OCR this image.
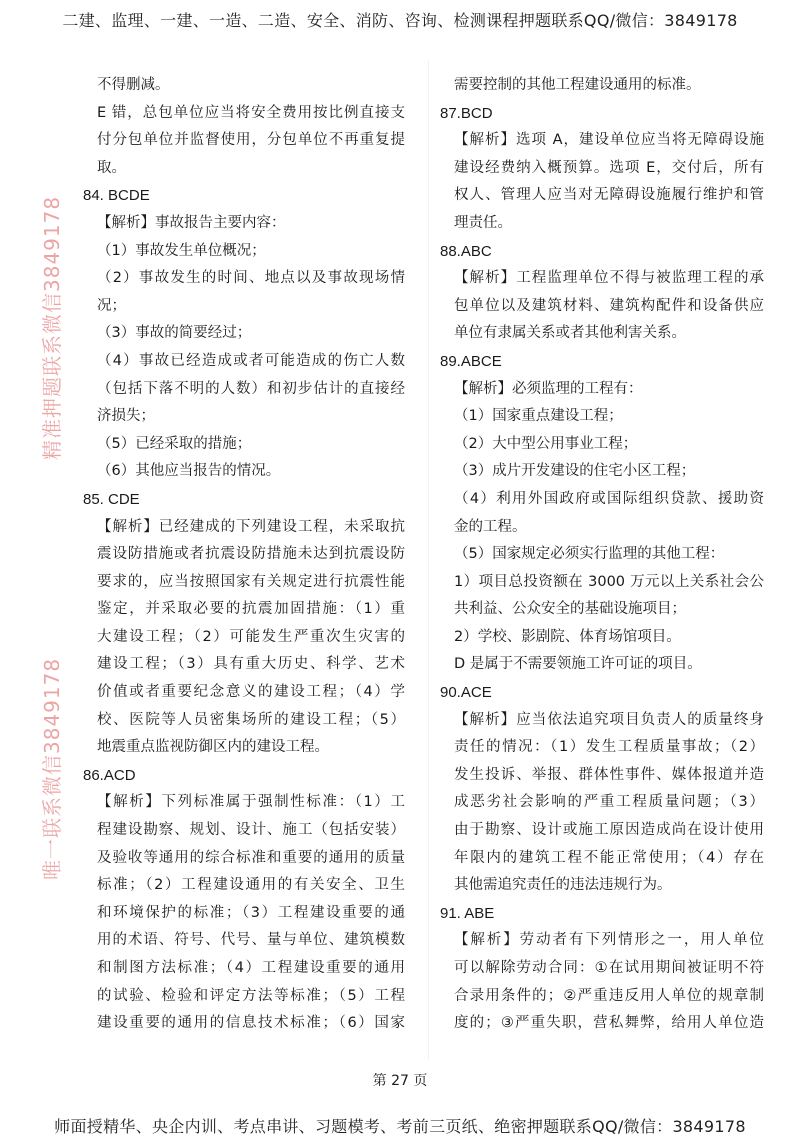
二建、监理、一建、一造、二造、安全、消防、咨询、检测课程押题联系QQ/微信：3849178
不得删减。
E 错，总包单位应当将安全费用按比例直接支
付分包单位并监督使用，分包单位不再重复提
取。
84. BCDE
【解析】事故报告主要内容：
（1）事故发生单位概况；
（2）事故发生的时间、地点以及事故现场情
况；
（3）事故的简要经过；
（4）事故已经造成或者可能造成的伤亡人数
（包括下落不明的人数）和初步估计的直接经
济损失；
（5）已经采取的措施；
（6）其他应当报告的情况。
85. CDE
【解析】已经建成的下列建设工程，未采取抗
震设防措施或者抗震设防措施未达到抗震设防
要求的，应当按照国家有关规定进行抗震性能
鉴定，并采取必要的抗震加固措施：（1）重
大建设工程；（2）可能发生严重次生灾害的
建设工程；（3）具有重大历史、科学、艺术
价值或者重要纪念意义的建设工程；（4）学
校、医院等人员密集场所的建设工程；（5）
地震重点监视防御区内的建设工程。
86.ACD
【解析】下列标准属于强制性标准：（1）工
程建设勘察、规划、设计、施工（包括安装）
及验收等通用的综合标准和重要的通用的质量
标准；（2）工程建设通用的有关安全、卫生
和环境保护的标准；（3）工程建设重要的通
用的术语、符号、代号、量与单位、建筑模数
和制图方法标准；（4）工程建设重要的通用
的试验、检验和评定方法等标准；（5）工程
建设重要的通用的信息技术标准；（6）国家
需要控制的其他工程建设通用的标准。
87.BCD
【解析】选项 A，建设单位应当将无障碍设施
建设经费纳入概预算。选项 E，交付后，所有
权人、管理人应当对无障碍设施履行维护和管
理责任。
88.ABC
【解析】工程监理单位不得与被监理工程的承
包单位以及建筑材料、建筑构配件和设备供应
单位有隶属关系或者其他利害关系。
89.ABCE
【解析】必须监理的工程有：
（1）国家重点建设工程；
（2）大中型公用事业工程；
（3）成片开发建设的住宅小区工程；
（4）利用外国政府或国际组织贷款、援助资
金的工程。
（5）国家规定必须实行监理的其他工程：
1）项目总投资额在 3000 万元以上关系社会公
共利益、公众安全的基础设施项目；
2）学校、影剧院、体育场馆项目。
D 是属于不需要领施工许可证的项目。
90.ACE
【解析】应当依法追究项目负责人的质量终身
责任的情况：（1）发生工程质量事故；（2）
发生投诉、举报、群体性事件、媒体报道并造
成恶劣社会影响的严重工程质量问题；（3）
由于勘察、设计或施工原因造成尚在设计使用
年限内的建筑工程不能正常使用；（4）存在
其他需追究责任的违法违规行为。
91. ABE
【解析】劳动者有下列情形之一，用人单位
可以解除劳动合同：①在试用期间被证明不符
合录用条件的；②严重违反用人单位的规章制
度的；③严重失职，营私舞弊，给用人单位造
精准押题联系微信3849178
唯一联系微信3849178
第 27 页
师面授精华、央企内训、考点串讲、习题模考、考前三页纸、绝密押题联系QQ/微信：3849178
